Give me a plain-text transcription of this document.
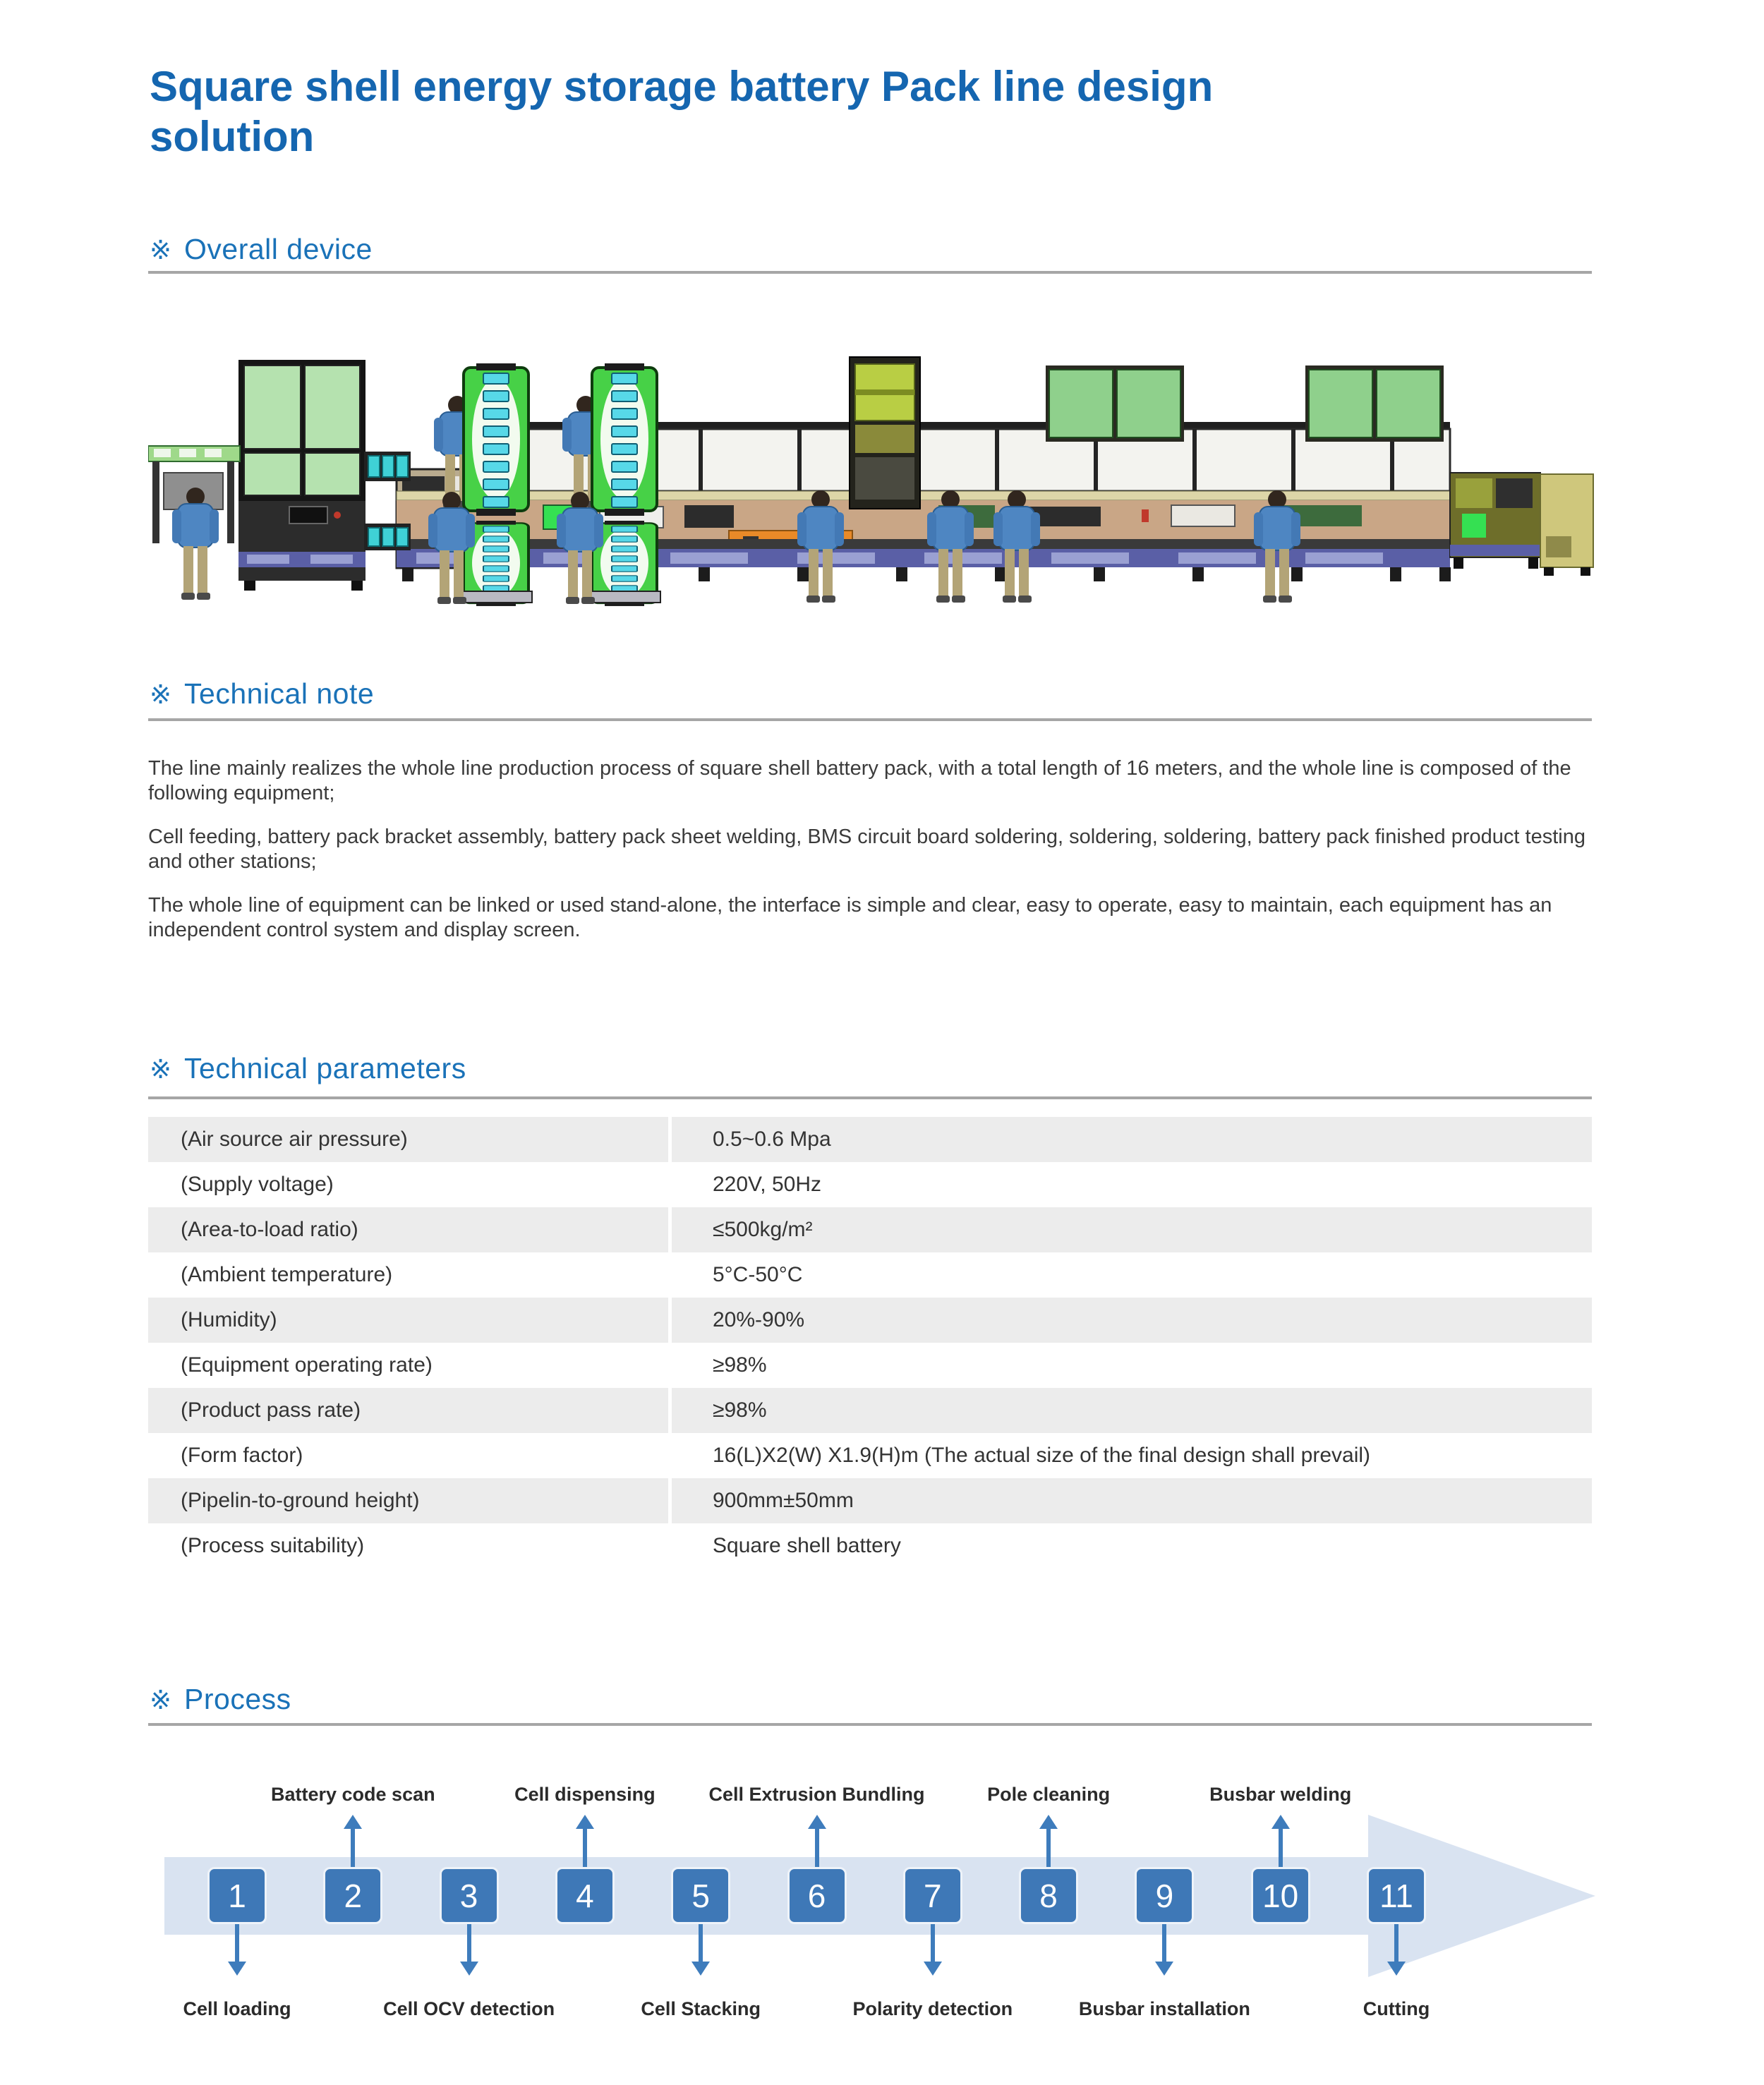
Square shell energy storage battery Pack line design solution
※ Overall device
※ Technical note

The line mainly realizes the whole line production process of square shell battery pack, with a total length of 16 meters, and the whole line is composed of the following equipment;

Cell feeding, battery pack bracket assembly, battery pack sheet welding, BMS circuit board soldering, soldering, soldering, battery pack finished product testing and other stations;

The whole line of equipment can be linked or used stand-alone, the interface is simple and clear, easy to operate, easy to maintain, each equipment has an independent control system and display screen.

※ Technical parameters
(Air source air pressure)	0.5~0.6 Mpa
(Supply voltage)	220V, 50Hz
(Area-to-load ratio)	≤500kg/m²
(Ambient temperature)	5°C-50°C
(Humidity)	20%-90%
(Equipment operating rate)	≥98%
(Product pass rate)	≥98%
(Form factor)	16(L)X2(W) X1.9(H)m (The actual size of the final design shall prevail)
(Pipelin-to-ground height)	900mm±50mm
(Process suitability)	Square shell battery
※ Process
1
Cell loading
2
Battery code scan
3
Cell OCV detection
4
Cell dispensing
5
Cell Stacking
6
Cell Extrusion Bundling
7
Polarity detection
8
Pole cleaning
9
Busbar installation
10
Busbar welding
11
Cutting
